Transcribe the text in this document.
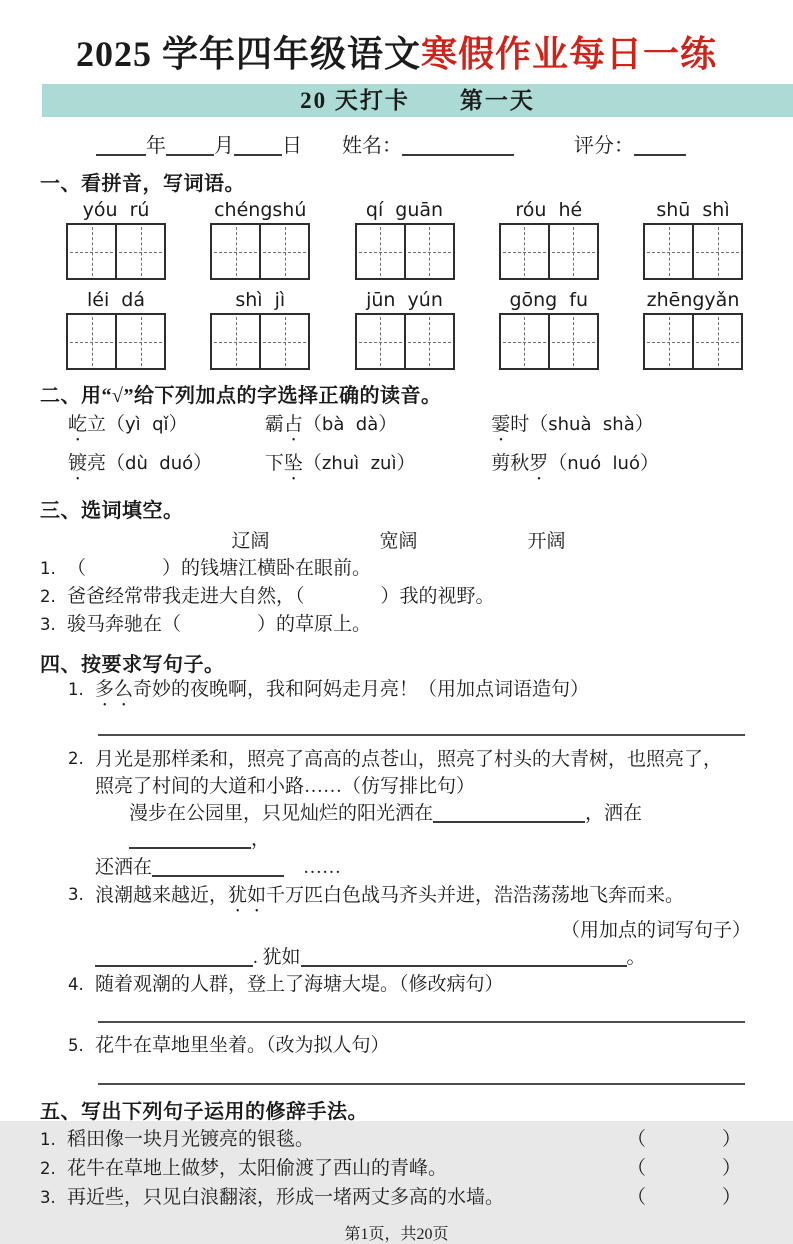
2025 学年四年级语文寒假作业每日一练
20 天打卡　　第一天
年 月 日　　姓名：	　　　评分：
一、看拼音，写词语。
yóu  rú	chéngshú	qí  guān	róu  hé	shū  shì
léi  dá	shì  jì	jūn  yún	gōng  fu	zhēngyǎn
二、用“√”给下列加点的字选择正确的读音。
屹立（yì  qǐ）	霸占（bà  dà）	霎时（shuà  shà）
镀亮（dù  duó）	下坠（zhuì  zuì）	剪秋罗（nuó  luó）
三、选词填空。
辽阔	宽阔	开阔
1. （　　　　）的钱塘江横卧在眼前。
2. 爸爸经常带我走进大自然，（　　　　）我的视野。
3. 骏马奔驰在（　　　　）的草原上。
四、按要求写句子。
1. 多么奇妙的夜晚啊，我和阿妈走月亮！（用加点词语造句）
2. 月光是那样柔和，照亮了高高的点苍山，照亮了村头的大青树，也照亮了，
照亮了村间的大道和小路……（仿写排比句）
漫步在公园里，只见灿烂的阳光洒在	，洒在，
还洒在	　……
3. 浪潮越来越近，犹如千万匹白色战马齐头并进，浩浩荡荡地飞奔而来。
（用加点的词写句子）
. 犹如	。
4. 随着观潮的人群，登上了海塘大堤。（修改病句）
5. 花牛在草地里坐着。（改为拟人句）
五、写出下列句子运用的修辞手法。
1. 稻田像一块月光镀亮的银毯。	（　　　　）
2. 花牛在草地上做梦，太阳偷渡了西山的青峰。	（　　　　）
3. 再近些，只见白浪翻滚，形成一堵两丈多高的水墙。	（　　　　）
第1页，共20页
